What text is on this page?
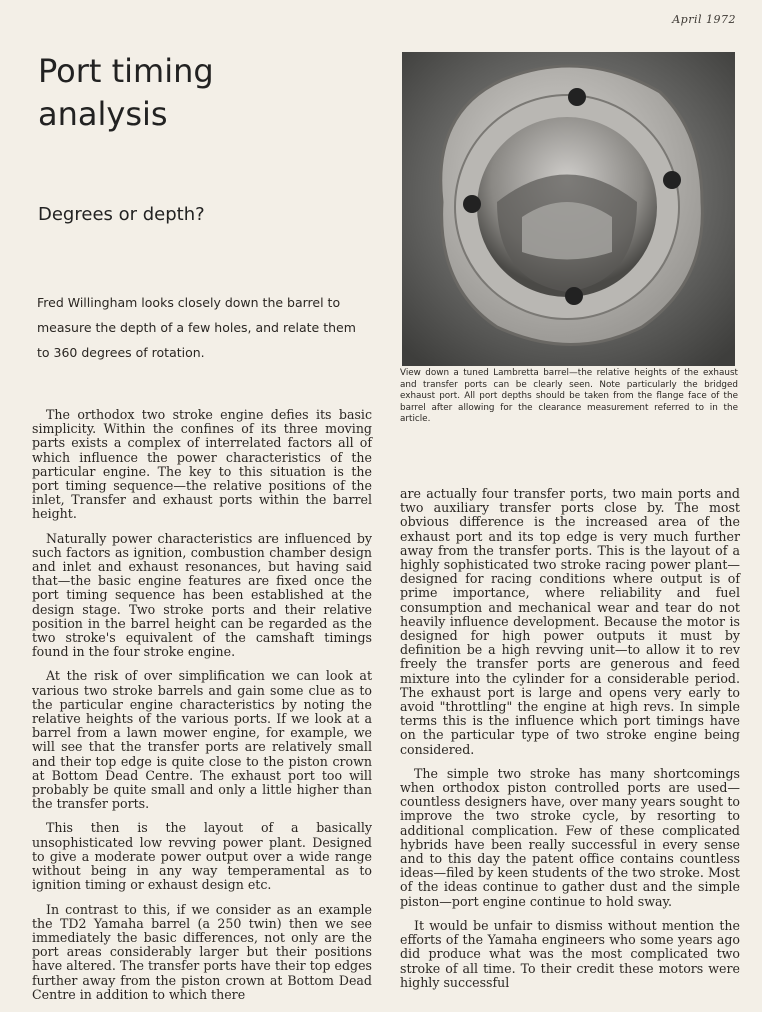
April 1972
Port timing
analysis
Degrees or depth?
Fred Willingham looks closely down the barrel to measure the depth of a few holes, and relate them to 360 degrees of rotation.
View down a tuned Lambretta barrel—the relative heights of the exhaust and transfer ports can be clearly seen. Note particularly the bridged exhaust port. All port depths should be taken from the flange face of the barrel after allowing for the clearance measurement referred to in the article.

The orthodox two stroke engine defies its basic simplicity. Within the confines of its three moving parts exists a complex of interrelated factors all of which influence the power characteristics of the particular engine. The key to this situation is the port timing sequence—the relative positions of the inlet, Transfer and exhaust ports within the barrel height.

Naturally power characteristics are influenced by such factors as ignition, combustion chamber design and inlet and exhaust resonances, but having said that—the basic engine features are fixed once the port timing sequence has been established at the design stage. Two stroke ports and their relative position in the barrel height can be regarded as the two stroke's equivalent of the camshaft timings found in the four stroke engine.

At the risk of over simplification we can look at various two stroke barrels and gain some clue as to the particular engine characteristics by noting the relative heights of the various ports. If we look at a barrel from a lawn mower engine, for example, we will see that the transfer ports are relatively small and their top edge is quite close to the piston crown at Bottom Dead Centre. The exhaust port too will probably be quite small and only a little higher than the transfer ports.

This then is the layout of a basically unsophisticated low revving power plant. Designed to give a moderate power output over a wide range without being in any way temperamental as to ignition timing or exhaust design etc.

In contrast to this, if we consider as an example the TD2 Yamaha barrel (a 250 twin) then we see immediately the basic differences, not only are the port areas considerably larger but their positions have altered. The transfer ports have their top edges further away from the piston crown at Bottom Dead Centre in addition to which there

are actually four transfer ports, two main ports and two auxiliary transfer ports close by. The most obvious difference is the increased area of the exhaust port and its top edge is very much further away from the transfer ports. This is the layout of a highly sophisticated two stroke racing power plant—designed for racing conditions where output is of prime importance, where reliability and fuel consumption and mechanical wear and tear do not heavily influence development. Because the motor is designed for high power outputs it must by definition be a high revving unit—to allow it to rev freely the transfer ports are generous and feed mixture into the cylinder for a considerable period. The exhaust port is large and opens very early to avoid "throttling" the engine at high revs. In simple terms this is the influence which port timings have on the particular type of two stroke engine being considered.

The simple two stroke has many shortcomings when orthodox piston controlled ports are used—countless designers have, over many years sought to improve the two stroke cycle, by resorting to additional complication. Few of these complicated hybrids have been really successful in every sense and to this day the patent office contains countless ideas—filed by keen students of the two stroke. Most of the ideas continue to gather dust and the simple piston—port engine continue to hold sway.

It would be unfair to dismiss without mention the efforts of the Yamaha engineers who some years ago did produce what was the most complicated two stroke of all time. To their credit these motors were highly successful
